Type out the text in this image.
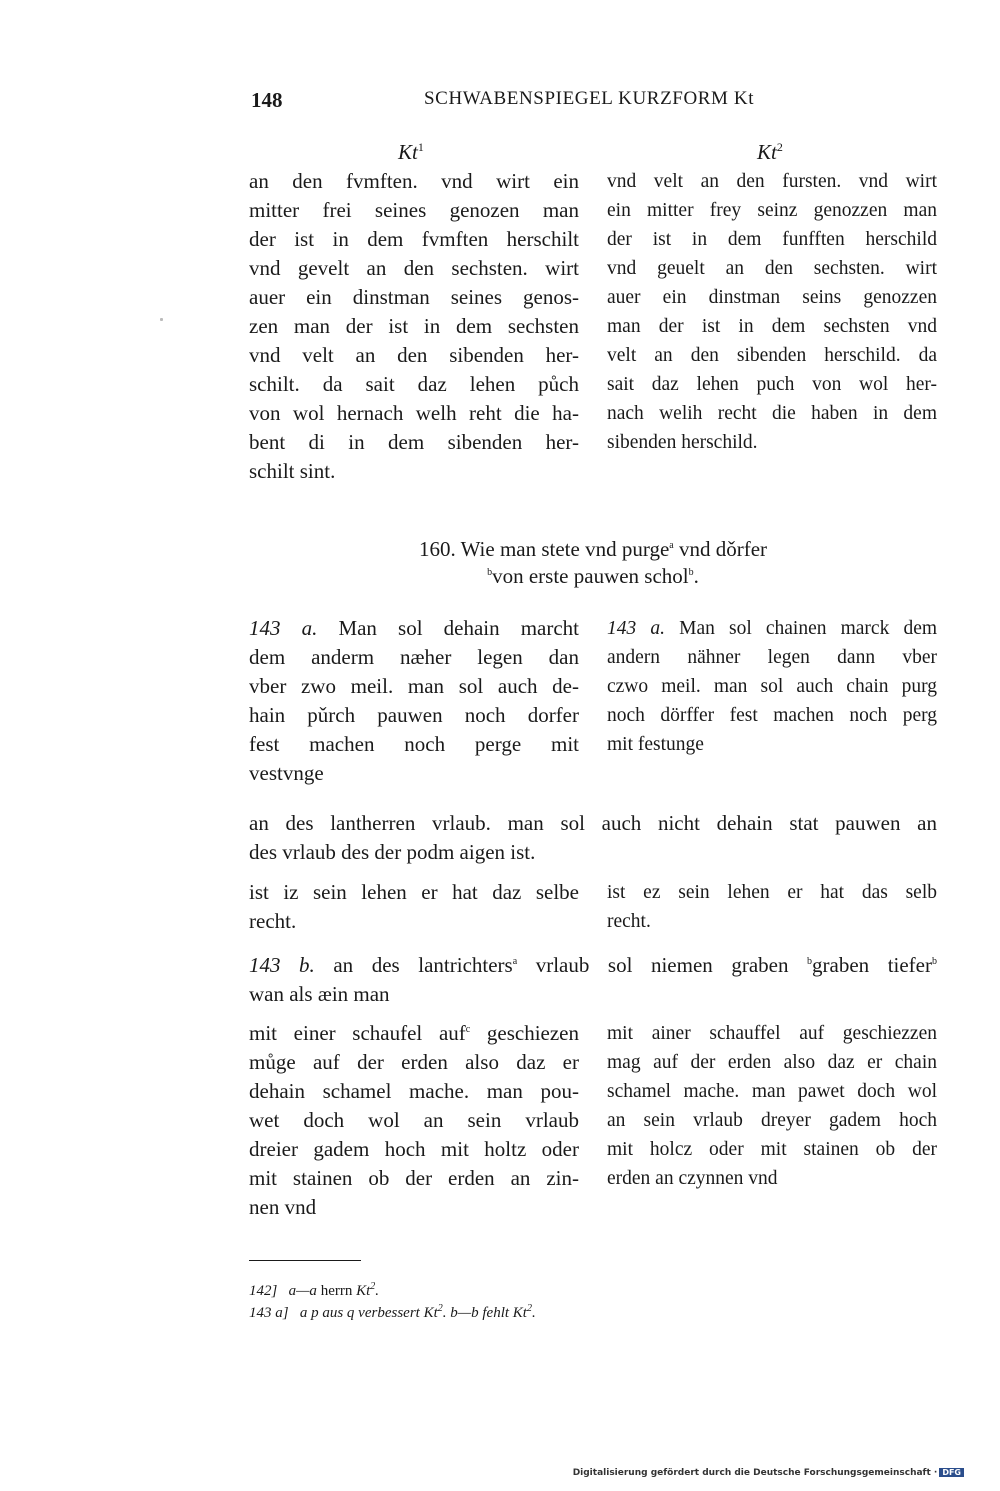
148	SCHWABENSPIEGEL KURZFORM Kt
Kt$^1$	Kt$^2$
an den fvmften. vnd wirt ein
mitter frei seines genozen man
der ist in dem fvmften herschilt
vnd gevelt an den sechsten. wirt
auer ein dinstman seines genos-
zen man der ist in dem sechsten
vnd velt an den sibenden her-
schilt. da sait daz lehen půch
von wol hernach welh reht die ha-
bent di in dem sibenden her-
schilt sint.
vnd velt an den fursten. vnd wirt
ein mitter frey seinz genozzen man
der ist in dem funfften herschild
vnd geuelt an den sechsten. wirt
auer ein dinstman seins genozzen
man der ist in dem sechsten vnd
velt an den sibenden herschild. da
sait daz lehen puch von wol her-
nach welih recht die haben in dem
sibenden herschild.
160. Wie man stete vnd purge$^a$ vnd dǒrfer
$^b$von erste pauwen schol$^b$.
143 a. Man sol dehain marcht
dem anderm næher legen dan
vber zwo meil. man sol auch de-
hain pǔrch pauwen noch dorfer
fest machen noch perge mit
vestvnge
143 a. Man sol chainen marck dem
andern nähner legen dann vber
czwo meil. man sol auch chain purg
noch dörffer fest machen noch perg
mit festunge
an des lantherren vrlaub. man sol auch nicht dehain stat pauwen an
des vrlaub des der podm aigen ist.
ist iz sein lehen er hat daz selbe
recht.
ist ez sein lehen er hat das selb
recht.
143 b. an des lantrichters$^a$ vrlaub sol niemen graben $^b$graben tiefer$^b$
wan als æin man
mit einer schaufel auf$^c$ geschiezen
můge auf der erden also daz er
dehain schamel mache. man pou-
wet doch wol an sein vrlaub
dreier gadem hoch mit holtz oder
mit stainen ob der erden an zin-
nen vnd
mit ainer schauffel auf geschiezzen
mag auf der erden also daz er chain
schamel mache. man pawet doch wol
an sein vrlaub dreyer gadem hoch
mit holcz oder mit stainen ob der
erden an czynnen vnd
142] a—a herrn Kt$^2$.
143 a] a p aus q verbessert Kt$^2$. b—b fehlt Kt$^2$.
Digitalisierung gefördert durch die Deutsche Forschungsgemeinschaft · DFG
